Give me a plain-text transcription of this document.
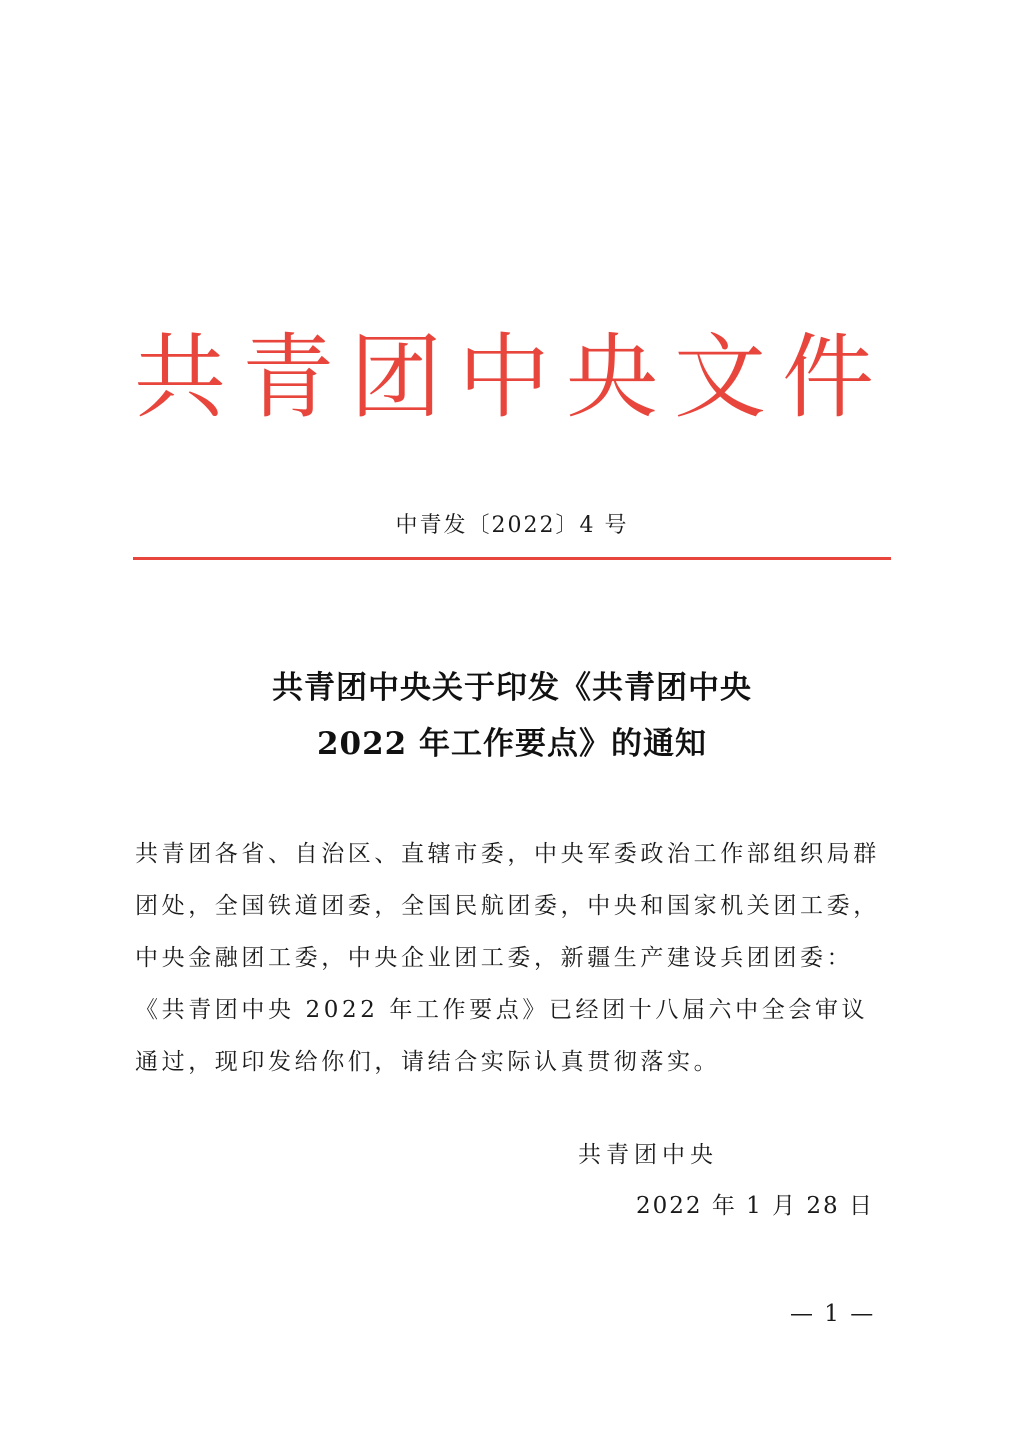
共青团中央文件
中青发〔2022〕4 号
共青团中央关于印发《共青团中央
2022 年工作要点》的通知
共青团各省、自治区、直辖市委，中央军委政治工作部组织局群
团处，全国铁道团委，全国民航团委，中央和国家机关团工委，
中央金融团工委，中央企业团工委，新疆生产建设兵团团委：
《共青团中央 2022 年工作要点》已经团十八届六中全会审议
通过，现印发给你们，请结合实际认真贯彻落实。
共青团中央
2022 年 1 月 28 日
— 1 —
